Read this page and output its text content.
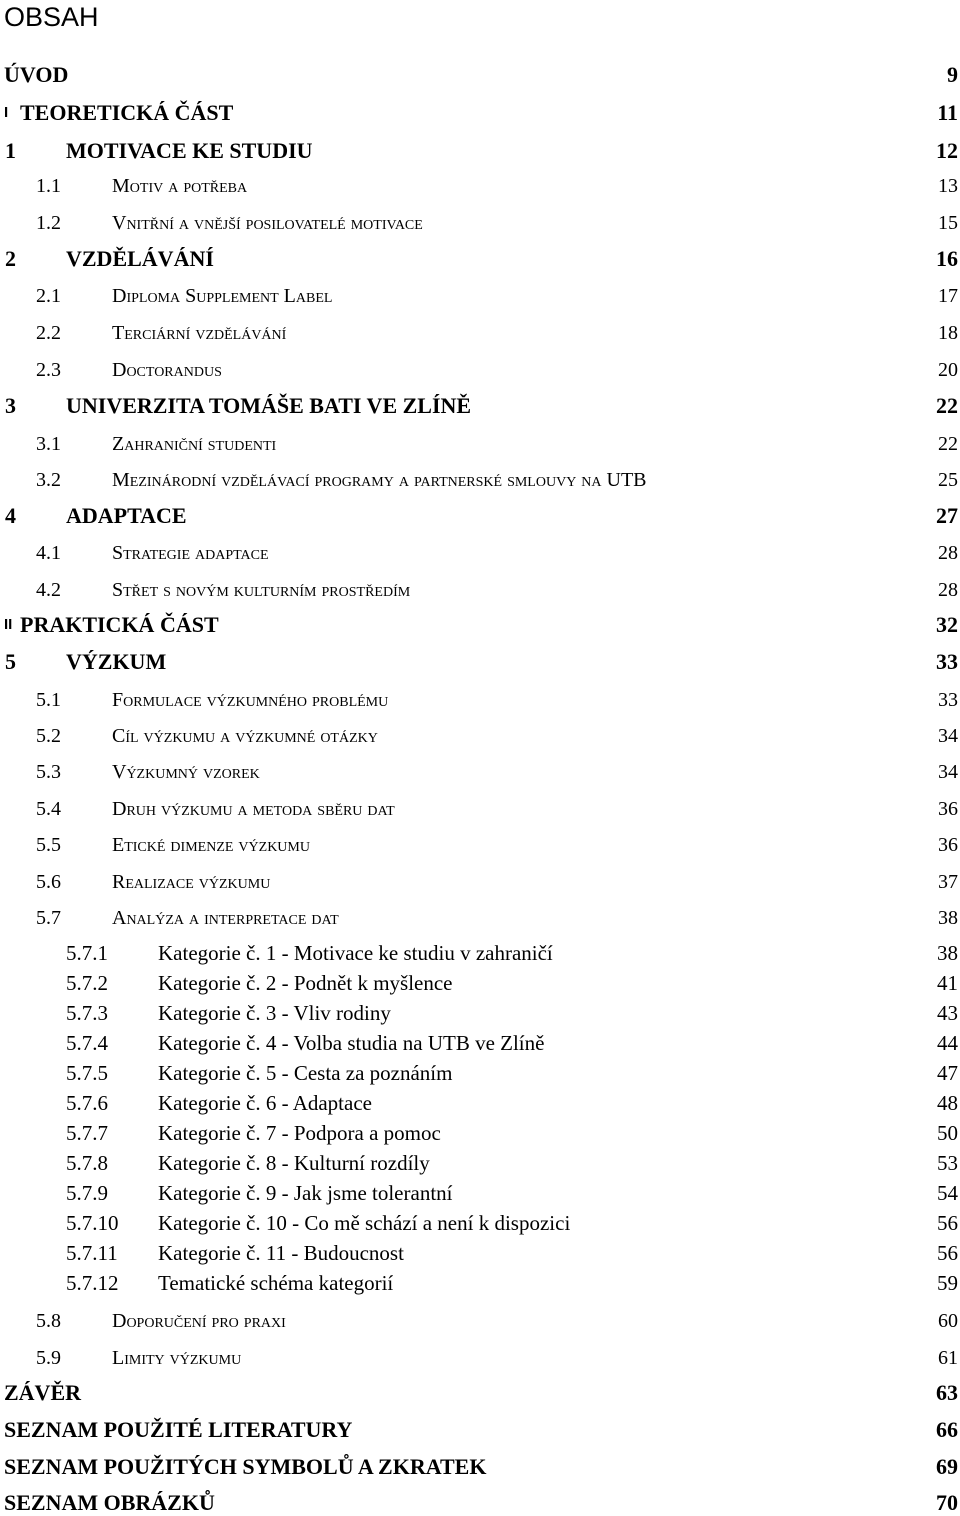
OBSAH
ÚVOD	9
I TEORETICKÁ ČÁST	11
1	MOTIVACE KE STUDIU	12
1.1	Motiv a potřeba	13
1.2	Vnitřní a vnější posilovatelé motivace	15
2	VZDĚLÁVÁNÍ	16
2.1	Diploma Supplement Label	17
2.2	Terciární vzdělávání	18
2.3	Doctorandus	20
3	UNIVERZITA TOMÁŠE BATI VE ZLÍNĚ	22
3.1	Zahraniční studenti	22
3.2	Mezinárodní vzdělávací programy a partnerské smlouvy na UTB	25
4	ADAPTACE	27
4.1	Strategie adaptace	28
4.2	Střet s novým kulturním prostředím	28
II PRAKTICKÁ ČÁST	32
5	VÝZKUM	33
5.1	Formulace výzkumného problému	33
5.2	Cíl výzkumu a výzkumné otázky	34
5.3	Výzkumný vzorek	34
5.4	Druh výzkumu a metoda sběru dat	36
5.5	Etické dimenze výzkumu	36
5.6	Realizace výzkumu	37
5.7	Analýza a interpretace dat	38
5.7.1	Kategorie č. 1 - Motivace ke studiu v zahraničí	38
5.7.2	Kategorie č. 2 - Podnět k myšlence	41
5.7.3	Kategorie č. 3 - Vliv rodiny	43
5.7.4	Kategorie č. 4 - Volba studia na UTB ve Zlíně	44
5.7.5	Kategorie č. 5 - Cesta za poznáním	47
5.7.6	Kategorie č. 6 - Adaptace	48
5.7.7	Kategorie č. 7 - Podpora a pomoc	50
5.7.8	Kategorie č. 8 - Kulturní rozdíly	53
5.7.9	Kategorie č. 9 - Jak jsme tolerantní	54
5.7.10	Kategorie č. 10 - Co mě schází a není k dispozici	56
5.7.11	Kategorie č. 11 - Budoucnost	56
5.7.12	Tematické schéma kategorií	59
5.8	Doporučení pro praxi	60
5.9	Limity výzkumu	61
ZÁVĚR	63
SEZNAM POUŽITÉ LITERATURY	66
SEZNAM POUŽITÝCH SYMBOLŮ A ZKRATEK	69
SEZNAM OBRÁZKŮ	70
